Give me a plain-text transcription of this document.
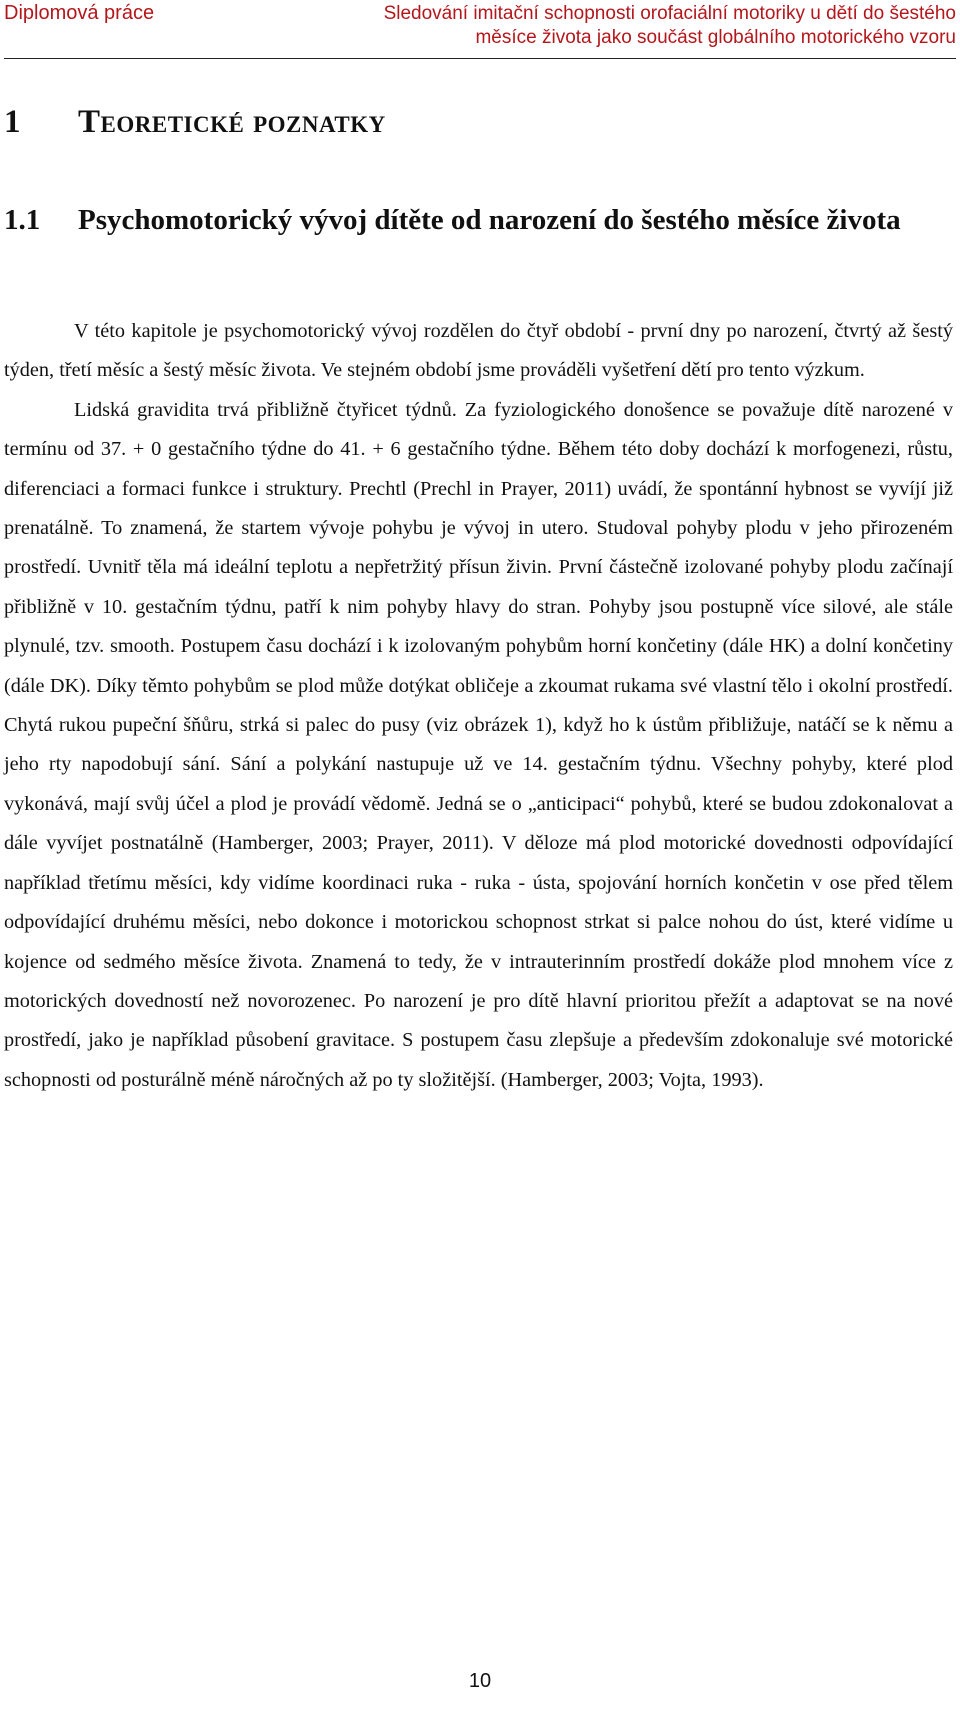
Diplomová práce	Sledování imitační schopnosti orofaciální motoriky u dětí do šestého měsíce života jako součást globálního motorického vzoru
1 Teoretické poznatky
1.1 Psychomotorický vývoj dítěte od narození do šestého měsíce života

V této kapitole je psychomotorický vývoj rozdělen do čtyř období - první dny po narození, čtvrtý až šestý týden, třetí měsíc a šestý měsíc života. Ve stejném období jsme prováděli vyšetření dětí pro tento výzkum.

Lidská gravidita trvá přibližně čtyřicet týdnů. Za fyziologického donošence se považuje dítě narozené v termínu od 37. + 0 gestačního týdne do 41. + 6 gestačního týdne. Během této doby dochází k morfogenezi, růstu, diferenciaci a formaci funkce i struktury. Prechtl (Prechl in Prayer, 2011) uvádí, že spontánní hybnost se vyvíjí již prenatálně. To znamená, že startem vývoje pohybu je vývoj in utero. Studoval pohyby plodu v jeho přirozeném prostředí. Uvnitř těla má ideální teplotu a nepřetržitý přísun živin. První částečně izolované pohyby plodu začínají přibližně v 10. gestačním týdnu, patří k nim pohyby hlavy do stran. Pohyby jsou postupně více silové, ale stále plynulé, tzv. smooth. Postupem času dochází i k izolovaným pohybům horní končetiny (dále HK) a dolní končetiny (dále DK). Díky těmto pohybům se plod může dotýkat obličeje a zkoumat rukama své vlastní tělo i okolní prostředí. Chytá rukou pupeční šňůru, strká si palec do pusy (viz obrázek 1), když ho k ústům přibližuje, natáčí se k němu a jeho rty napodobují sání. Sání a polykání nastupuje už ve 14. gestačním týdnu. Všechny pohyby, které plod vykonává, mají svůj účel a plod je provádí vědomě. Jedná se o „anticipaci“ pohybů, které se budou zdokonalovat a dále vyvíjet postnatálně (Hamberger, 2003; Prayer, 2011). V děloze má plod motorické dovednosti odpovídající například třetímu měsíci, kdy vidíme koordinaci ruka - ruka - ústa, spojování horních končetin v ose před tělem odpovídající druhému měsíci, nebo dokonce i motorickou schopnost strkat si palce nohou do úst, které vidíme u kojence od sedmého měsíce života. Znamená to tedy, že v intrauterinním prostředí dokáže plod mnohem více z motorických dovedností než novorozenec. Po narození je pro dítě hlavní prioritou přežít a adaptovat se na nové prostředí, jako je například působení gravitace. S postupem času zlepšuje a především zdokonaluje své motorické schopnosti od posturálně méně náročných až po ty složitější. (Hamberger, 2003; Vojta, 1993).

10
